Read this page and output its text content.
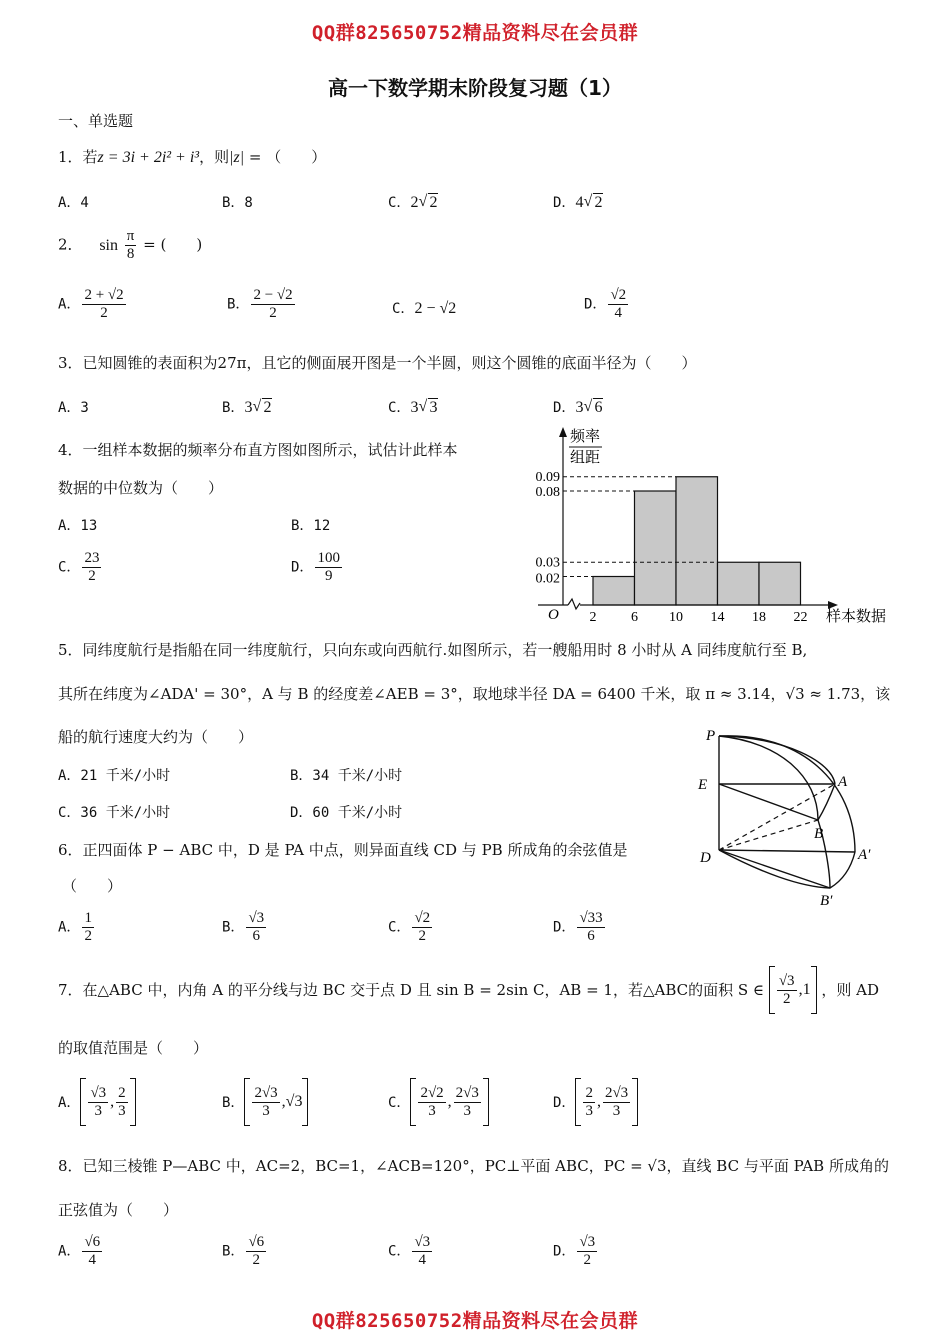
QQ群825650752精品资料尽在会员群
高一下数学期末阶段复习题（1）
一、单选题
1．若z = 3i + 2i² + i³，则|z| = （　　）
A．4	B．8	C．2 √ 2	D．4 √ 2
2． $\sin \frac{\pi}{8}$ = (　　)
A． $\frac{2 + √2}{2}$	B． $\frac{2 - √2}{2}$	C．2 − √2	D． $\frac{√2}{4}$
3．已知圆锥的表面积为27π，且它的侧面展开图是一个半圆，则这个圆锥的底面半径为（　　）
A．3	B．3 √ 2	C．3 √ 3	D．3 √ 6
4．一组样本数据的频率分布直方图如图所示，试估计此样本
数据的中位数为（　　）
A．13	B．12
C． $\frac{23}{2}$	D． $\frac{100}{9}$	0.02
0.03
0.08
0.09
2 6 10 14 18 22
O
频率
组距
样本数据
5．同纬度航行是指船在同一纬度航行，只向东或向西航行.如图所示，若一艘船用时 8 小时从 A 同纬度航行至 B,
其所在纬度为∠ADA' = 30°，A 与 B 的经度差∠AEB = 3°，取地球半径 DA = 6400 千米，取 π ≈ 3.14，√3 ≈ 1.73，该
船的航行速度大约为（　　）
A．21 千米/小时	B．34 千米/小时
C．36 千米/小时	D．60 千米/小时
P
E	A
B
D	A′
B′
6．正四面体 P − ABC 中，D 是 PA 中点，则异面直线 CD 与 PB 所成角的余弦值是
（　　）
A． $\frac{1}{2}$	B． $\frac{√3}{6}$	C． $\frac{√2}{2}$	D． $\frac{√33}{6}$
7．在△ABC 中，内角 A 的平分线与边 BC 交于点 D 且 sin B = 2sin C，AB = 1，若△ABC的面积 S ∈ $\frac{√3}{2} ,1$ ，则 AD
的取值范围是（　　）
A． $\frac{√3}{3}$ , $\frac{2}{3}$	B． $\frac{2√3}{3} ,√3$	C． $\frac{2√2}{3}$ , $\frac{2√3}{3}$	D． $\frac{2}{3}$ , $\frac{2√3}{3}$
8．已知三棱锥 P—ABC 中，AC=2，BC=1，∠ACB=120°，PC⊥平面 ABC，PC = √3，直线 BC 与平面 PAB 所成角的
正弦值为（　　）
A． $\frac{√6}{4}$	B． $\frac{√6}{2}$	C． $\frac{√3}{4}$	D． $\frac{√3}{2}$
QQ群825650752精品资料尽在会员群
